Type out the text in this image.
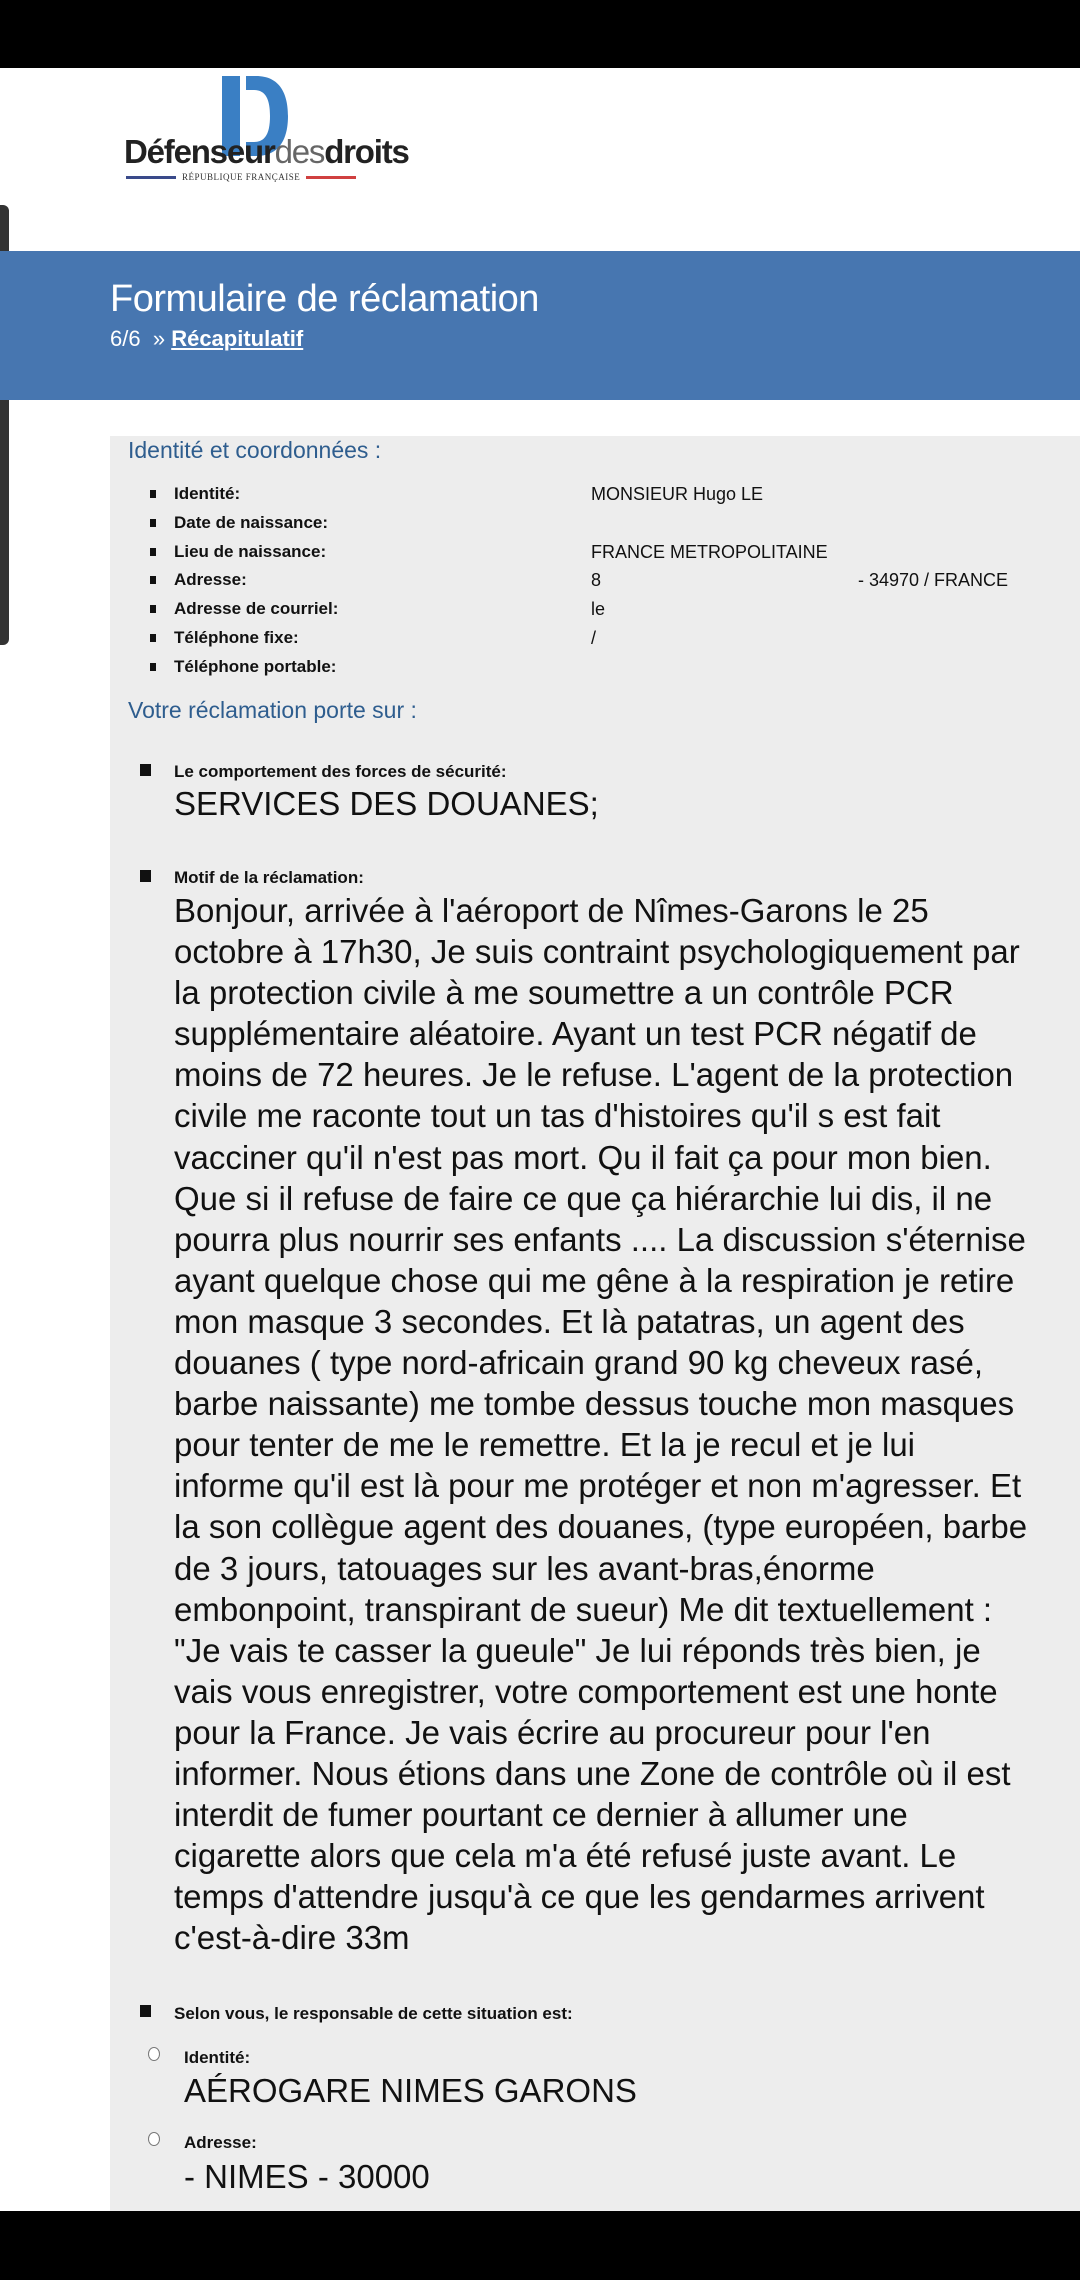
Défenseurdesdroits
RÉPUBLIQUE FRANÇAISE
Formulaire de réclamation
6/6 » Récapitulatif
Identité et coordonnées :
Identité:	MONSIEUR Hugo LE
Date de naissance:
Lieu de naissance:	FRANCE METROPOLITAINE
Adresse:	8	- 34970 / FRANCE
Adresse de courriel:	le
Téléphone fixe:	/
Téléphone portable:
Votre réclamation porte sur :
Le comportement des forces de sécurité:
SERVICES DES DOUANES;
Motif de la réclamation:
Bonjour, arrivée à l'aéroport de Nîmes-Garons le 25
octobre à 17h30, Je suis contraint psychologiquement par
la protection civile à me soumettre a un contrôle PCR
supplémentaire aléatoire. Ayant un test PCR négatif de
moins de 72 heures. Je le refuse. L'agent de la protection
civile me raconte tout un tas d'histoires qu'il s est fait
vacciner qu'il n'est pas mort. Qu il fait ça pour mon bien.
Que si il refuse de faire ce que ça hiérarchie lui dis, il ne
pourra plus nourrir ses enfants .... La discussion s'éternise
ayant quelque chose qui me gêne à la respiration je retire
mon masque 3 secondes. Et là patatras, un agent des
douanes ( type nord-africain grand 90 kg cheveux rasé,
barbe naissante) me tombe dessus touche mon masques
pour tenter de me le remettre. Et la je recul et je lui
informe qu'il est là pour me protéger et non m'agresser. Et
la son collègue agent des douanes, (type européen, barbe
de 3 jours, tatouages sur les avant-bras,énorme
embonpoint, transpirant de sueur) Me dit textuellement :
"Je vais te casser la gueule" Je lui réponds très bien, je
vais vous enregistrer, votre comportement est une honte
pour la France. Je vais écrire au procureur pour l'en
informer. Nous étions dans une Zone de contrôle où il est
interdit de fumer pourtant ce dernier à allumer une
cigarette alors que cela m'a été refusé juste avant. Le
temps d'attendre jusqu'à ce que les gendarmes arrivent
c'est-à-dire 33m
Selon vous, le responsable de cette situation est:
Identité:
AÉROGARE NIMES GARONS
Adresse:
- NIMES - 30000
